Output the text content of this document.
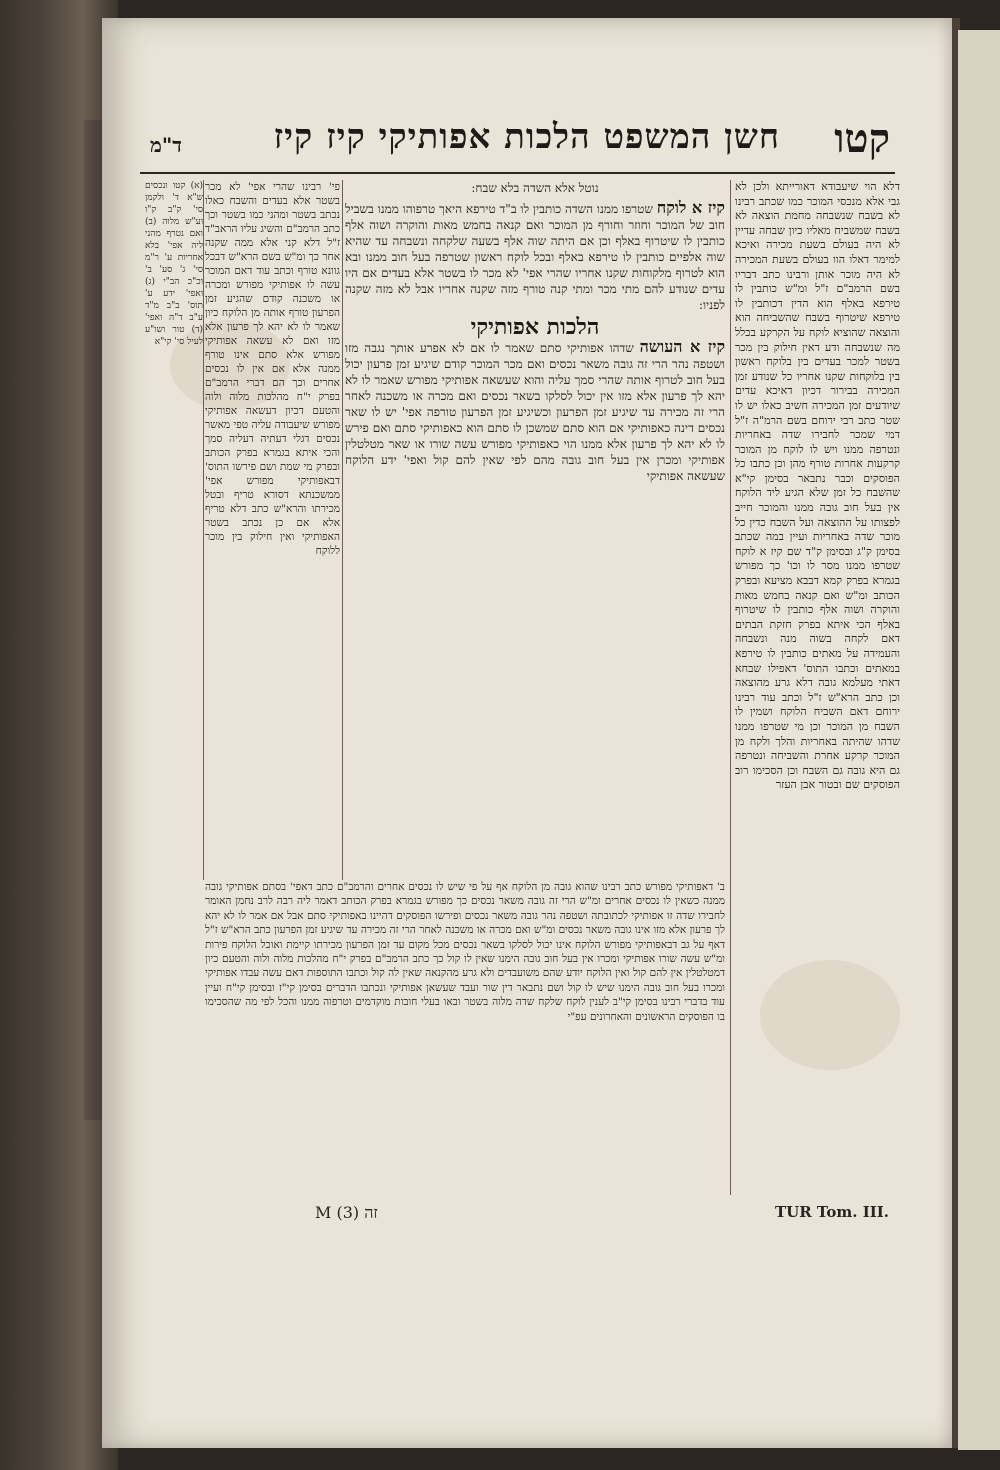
קטו
חשן המשפט הלכות אפותיקי קיז קיז
ד"מ
דלא הוי שיעבודא דאורייתא ולכן לא גבי אלא מנכסי המוכר כמו שכתב רבינו לא בשבח שנשבחה מחמת הוצאה לא בשבח שמשביח מאליו כיון שבחה עדיין לא היה בעולם בשעת מכירה ואיכא למימר דאלו הוו בעולם בשעת המכירה לא היה מוכר אותן ורבינו כתב דבריו בשם הרמב"ם ז"ל ומ"ש כותבין לו טירפא באלף הוא הדין דכותבין לו טירפא שיטרוף בשבח שהשביחה הוא והוצאה שהוציא לוקח על הקרקע בכלל מה שנשבחה ודע דאין חילוק בין מכר בשטר למכר בעדים בין בלוקח ראשון בין בלוקחות שקנו אחריו כל שנודע זמן המכירה בבירור דכיון דאיכא עדים שיודעים זמן המכירה חשיב כאלו יש לו שטר כתב רבי ירוחם בשם הרמ"ה ז"ל דמי שמכר לחבירו שדה באחריות ונטרפה ממנו ויש לו לוקח מן המוכר קרקעות אחרות טורף מהן וכן כתבו כל הפוסקים וכבר נתבאר בסימן קי"א שהשבח כל זמן שלא הגיע ליד הלוקח אין בעל חוב גובה ממנו והמוכר חייב לפצותו על ההוצאה ועל השבח כדין כל מוכר שדה באחריות ועיין במה שכתב בסימן ק"ג ובסימן ק"ד שם קיז א לוקח שטרפו ממנו מסר לו וכו' כך מפורש בגמרא בפרק קמא דבבא מציעא ובפרק הכותב ומ"ש ואם קנאה בחמש מאות והוקרה ושוה אלף כותבין לו שיטרוף באלף הכי איתא בפרק חזקת הבתים דאם לקחה בשוה מנה ונשבחה והעמידה על מאתים כותבין לו טירפא במאתים וכתבו התוס' דאפילו שבחא דאתי מעלמא גובה דלא גרע מהוצאה וכן כתב הרא"ש ז"ל וכתב עוד רבינו ירוחם דאם השביח הלוקח ושמין לו השבח מן המוכר וכן מי שטרפו ממנו שדהו שהיתה באחריות והלך ולקח מן המוכר קרקע אחרת והשביחה ונטרפה גם היא גובה גם השבח וכן הסכימו רוב הפוסקים שם ובטור אבן העזר

נוטל אלא השדה בלא שבח:

קיז א לוקח שטרפו ממנו השדה כותבין לו ב"ד טירפא היאך טרפוהו ממנו בשביל חוב של המוכר וחוזר וחורף מן המוכר ואם קנאה בחמש מאות והוקרה ושוה אלף כותבין לו שיטרוף באלף וכן אם היתה שוה אלף בשעה שלקחה ונשבחה עד שהיא שוה אלפיים כותבין לו טירפא באלף ובכל לוקח ראשון שטרפה בעל חוב ממנו ובא הוא לטרוף מלקוחות שקנו אחריו שהרי אפי' לא מכר לו בשטר אלא בעדים אם היו עדים שנודע להם מתי מכר ומתי קנה טורף מזה שקנה אחריו אבל לא מזה שקנה לפניו:

הלכות אפותיקי

קיז א העושה שדהו אפותיקי סתם שאמר לו אם לא אפרע אותך נגבה מזו ושטפה נהר הרי זה גובה משאר נכסים ואם מכר המוכר קודם שיגיע זמן פרעון יכול בעל חוב לטרוף אותה שהרי סמך עליה והוא שעשאה אפותיקי מפורש שאמר לו לא יהא לך פרעון אלא מזו אין יכול לסלקו בשאר נכסים ואם מכרה או משכנה לאחר הרי זה מכירה עד שיגיע זמן הפרעון וכשיגיע זמן הפרעון טורפה אפי' יש לו שאר נכסים דינה כאפותיקי אם הוא סתם שמשכן לו סתם הוא כאפותיקי סתם ואם פירש לו לא יהא לך פרעון אלא ממנו הוי כאפותיקי מפורש עשה שורו או שאר מטלטלין אפותיקי ומכרן אין בעל חוב גובה מהם לפי שאין להם קול ואפי' ידע הלוקח שעשאה אפותיקי

פי' רבינו שהרי אפי' לא מכר בשטר אלא בעדים והשבח כאלו נכתב בשטר ומהני כמו בשטר וכך כתב הרמב"ם והשיג עליו הראב"ד ז"ל דלא קני אלא ממה שקנה אחר כך ומ"ש בשם הרא"ש דבכל גוונא טורף וכתב עוד דאם המוכר עשה לו אפותיקי מפורש ומכרה או משכנה קודם שהגיע זמן הפרעון טורף אותה מן הלוקח כיון שאמר לו לא יהא לך פרעון אלא מזו ואם לא עשאה אפותיקי מפורש אלא סתם אינו טורף ממנה אלא אם אין לו נכסים אחרים וכך הם דברי הרמב"ם בפרק י"ח מהלכות מלוה ולוה והטעם דכיון דעשאה אפותיקי מפורש שיעבודה עליה טפי מאשר נכסים דגלי דעתיה דעליה סמך והכי איתא בגמרא בפרק הכותב ובפרק מי שמת ושם פירשו התוס' דבאפותיקי מפורש אפי' ממשכנתא דסורא טריף ובטל מכירתו והרא"ש כתב דלא טריף אלא אם כן נכתב בשטר האפותיקי ואין חילוק בין מוכר ללוקח
(א) קטו ונכסים ש"א ד' ולקמן סי' ק"ב ק"ו וע"ש מלוה (ב) ואם נטרף מהני ליה אפי' בלא אחריות ע' ר"מ סי' ג' סע' ב' וכ"כ הב"י (ג) ואפי' ידע ע' תוס' ב"ב מ"ד ע"ב ד"ה ואפי' (ד) טור ושו"ע לעיל סי' קי"א
ב' דאפותיקי מפורש כתב רבינו שהוא גובה מן הלוקח אף על פי שיש לו נכסים אחרים והרמב"ם כתב דאפי' בסתם אפותיקי גובה ממנה כשאין לו נכסים אחרים ומ"ש הרי זה גובה משאר נכסים כך מפורש בגמרא בפרק הכותב דאמר ליה רבה לרב נחמן האומר לחבירו שדה זו אפותיקי לכתובתה ושטפה נהר גובה משאר נכסים ופירשו הפוסקים דהיינו באפותיקי סתם אבל אם אמר לו לא יהא לך פרעון אלא מזו אינו גובה משאר נכסים ומ"ש ואם מכרה או משכנה לאחר הרי זה מכירה עד שיגיע זמן הפרעון כתב הרא"ש ז"ל דאף על גב דבאפותיקי מפורש הלוקח אינו יכול לסלקו בשאר נכסים מכל מקום עד זמן הפרעון מכירתו קיימת ואוכל הלוקח פירות ומ"ש עשה שורו אפותיקי ומכרו אין בעל חוב גובה הימנו שאין לו קול כך כתב הרמב"ם בפרק י"ח מהלכות מלוה ולוה והטעם כיון דמטלטלין אין להם קול ואין הלוקח יודע שהם משועבדים ולא גרע מהקנאה שאין לה קול וכתבו התוספות דאם עשה עבדו אפותיקי ומכרו בעל חוב גובה הימנו שיש לו קול ושם נתבאר דין שור ועבד שעשאן אפותיקי ונכתבו הדברים בסימן קי"ז ובסימן קי"ח ועיין עוד בדברי רבינו בסימן קי"ב לענין לוקח שלקח שדה מלוה בשטר ובאו בעלי חובות מוקדמים וטרפוה ממנו והכל לפי מה שהסכימו בו הפוסקים הראשונים והאחרונים עפ"י
M (3) זה	TUR Tom. III.
